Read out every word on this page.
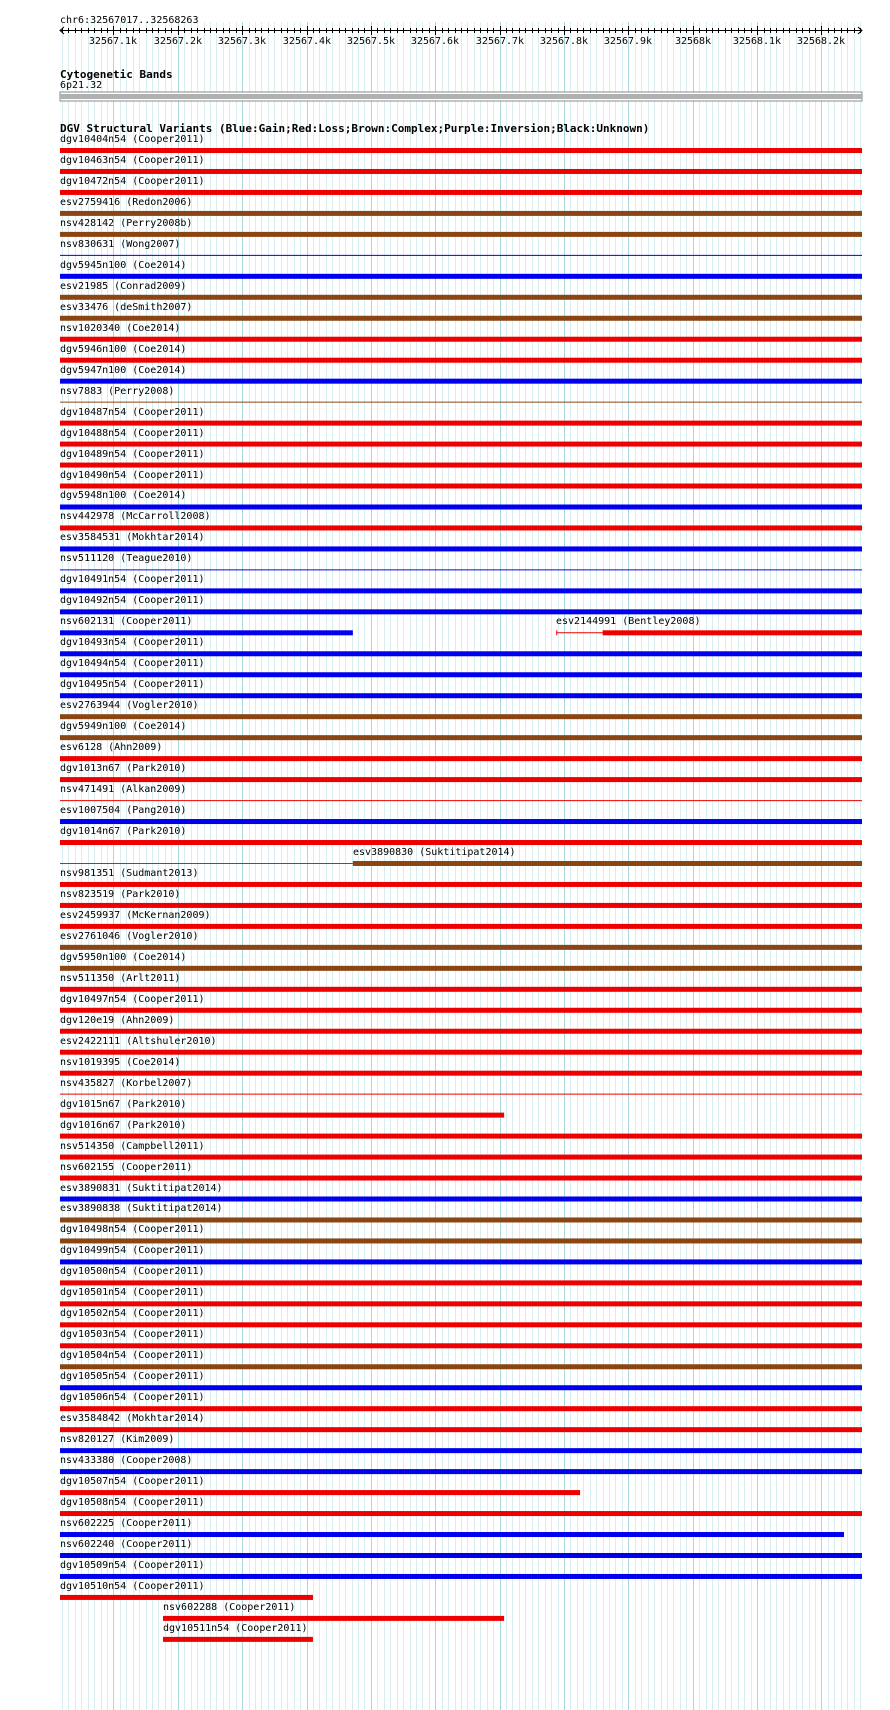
chr6:32567017..32568263
32567.1k 32567.2k 32567.3k 32567.4k 32567.5k 32567.6k 32567.7k 32567.8k 32567.9k 32568k 32568.1k 32568.2k
Cytogenetic Bands
6p21.32
DGV Structural Variants (Blue:Gain;Red:Loss;Brown:Complex;Purple:Inversion;Black:Unknown)
dgv10404n54 (Cooper2011)
dgv10463n54 (Cooper2011)
dgv10472n54 (Cooper2011)
esv2759416 (Redon2006)
nsv428142 (Perry2008b)
nsv830631 (Wong2007)
dgv5945n100 (Coe2014)
esv21985 (Conrad2009)
esv33476 (deSmith2007)
nsv1020340 (Coe2014)
dgv5946n100 (Coe2014)
dgv5947n100 (Coe2014)
nsv7883 (Perry2008)
dgv10487n54 (Cooper2011)
dgv10488n54 (Cooper2011)
dgv10489n54 (Cooper2011)
dgv10490n54 (Cooper2011)
dgv5948n100 (Coe2014)
nsv442978 (McCarroll2008)
esv3584531 (Mokhtar2014)
nsv511120 (Teague2010)
dgv10491n54 (Cooper2011)
dgv10492n54 (Cooper2011)
nsv602131 (Cooper2011)	esv2144991 (Bentley2008)
dgv10493n54 (Cooper2011)
dgv10494n54 (Cooper2011)
dgv10495n54 (Cooper2011)
esv2763944 (Vogler2010)
dgv5949n100 (Coe2014)
esv6128 (Ahn2009)
dgv1013n67 (Park2010)
nsv471491 (Alkan2009)
esv1007504 (Pang2010)
dgv1014n67 (Park2010)
esv3890830 (Suktitipat2014)
nsv981351 (Sudmant2013)
nsv823519 (Park2010)
esv2459937 (McKernan2009)
esv2761046 (Vogler2010)
dgv5950n100 (Coe2014)
nsv511350 (Arlt2011)
dgv10497n54 (Cooper2011)
dgv120e19 (Ahn2009)
esv2422111 (Altshuler2010)
nsv1019395 (Coe2014)
nsv435827 (Korbel2007)
dgv1015n67 (Park2010)
dgv1016n67 (Park2010)
nsv514350 (Campbell2011)
nsv602155 (Cooper2011)
esv3890831 (Suktitipat2014)
esv3890838 (Suktitipat2014)
dgv10498n54 (Cooper2011)
dgv10499n54 (Cooper2011)
dgv10500n54 (Cooper2011)
dgv10501n54 (Cooper2011)
dgv10502n54 (Cooper2011)
dgv10503n54 (Cooper2011)
dgv10504n54 (Cooper2011)
dgv10505n54 (Cooper2011)
dgv10506n54 (Cooper2011)
esv3584842 (Mokhtar2014)
nsv820127 (Kim2009)
nsv433380 (Cooper2008)
dgv10507n54 (Cooper2011)
dgv10508n54 (Cooper2011)
nsv602225 (Cooper2011)
nsv602240 (Cooper2011)
dgv10509n54 (Cooper2011)
dgv10510n54 (Cooper2011)
nsv602288 (Cooper2011)
dgv10511n54 (Cooper2011)
